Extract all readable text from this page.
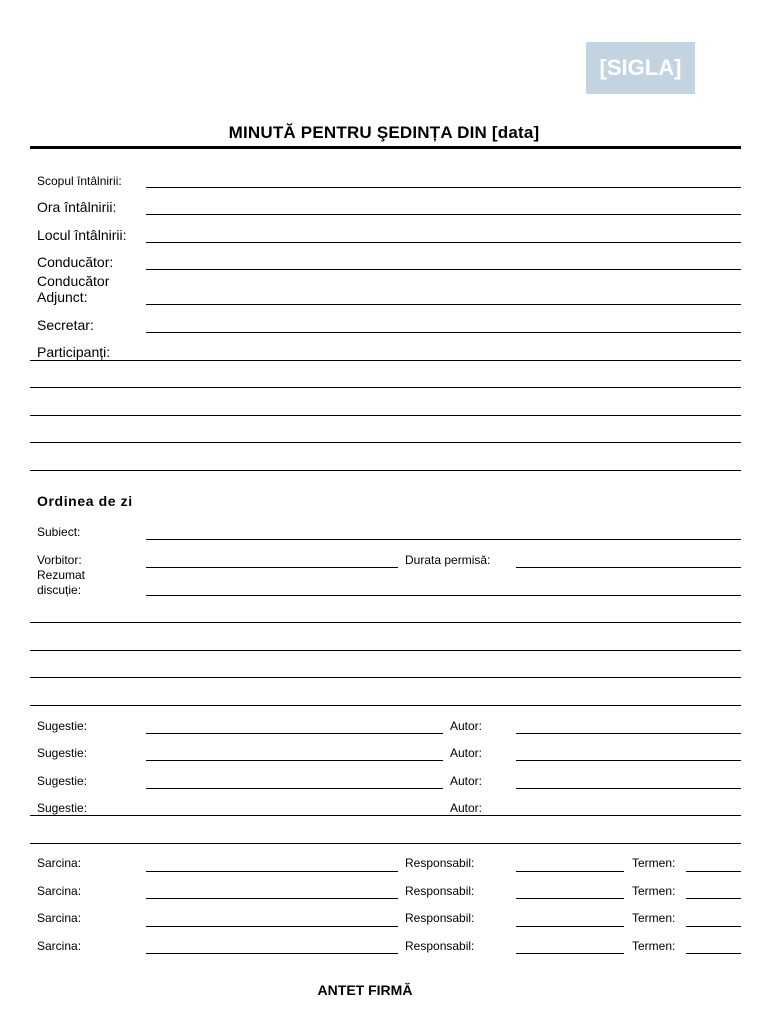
[SIGLA]
MINUTĂ PENTRU ŞEDINȚA DIN [data]
Scopul întâlnirii:
Ora întâlnirii:
Locul întâlnirii:
Conducător:
Conducător
Adjunct:
Secretar:
Participanți:
Ordinea de zi
Subiect:
Vorbitor:	Durata permisă:
Rezumat
discuție:
Sugestie:	Autor:
Sugestie:	Autor:
Sugestie:	Autor:
Sugestie:	Autor:
Sarcina:	Responsabil:	Termen:
Sarcina:	Responsabil:	Termen:
Sarcina:	Responsabil:	Termen:
Sarcina:	Responsabil:	Termen:
ANTET FIRMĂ
